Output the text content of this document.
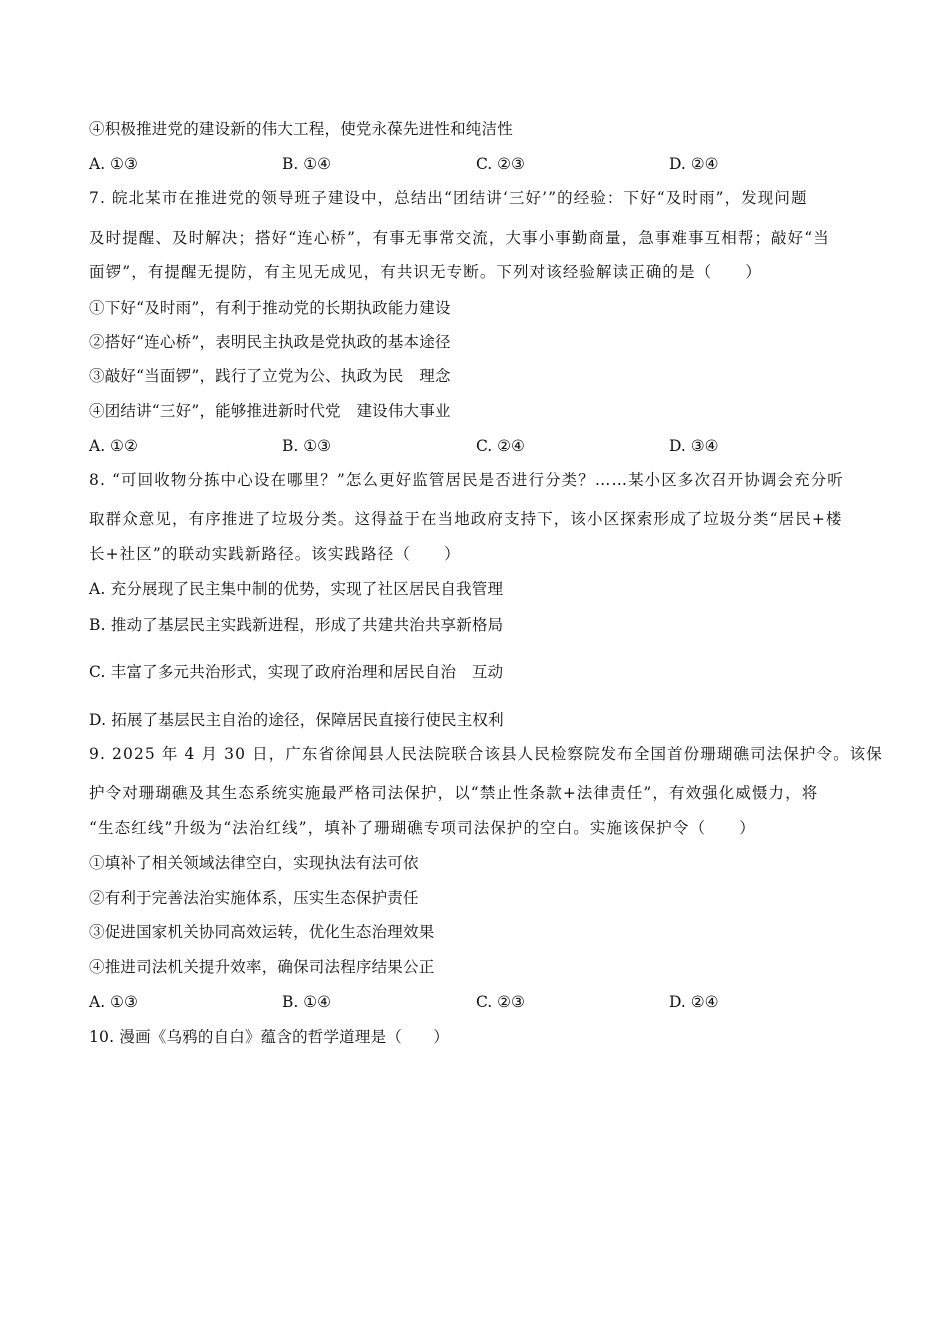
④积极推进党的建设新的伟大工程，使党永葆先进性和纯洁性
A. ①③	B. ①④	C. ②③	D. ②④
7. 皖北某市在推进党的领导班子建设中，总结出“团结讲‘三好’”的经验：下好“及时雨”，发现问题
及时提醒、及时解决；搭好“连心桥”，有事无事常交流，大事小事勤商量，急事难事互相帮；敲好“当
面锣”，有提醒无提防，有主见无成见，有共识无专断。下列对该经验解读正确的是（　　）
①下好“及时雨”，有利于推动党的长期执政能力建设
②搭好“连心桥”，表明民主执政是党执政的基本途径
③敲好“当面锣”，践行了立党为公、执政为民　理念
④团结讲“三好”，能够推进新时代党　建设伟大事业
A. ①②	B. ①③	C. ②④	D. ③④
8. “可回收物分拣中心设在哪里？”怎么更好监管居民是否进行分类？……某小区多次召开协调会充分听
取群众意见，有序推进了垃圾分类。这得益于在当地政府支持下，该小区探索形成了垃圾分类“居民+楼
长+社区”的联动实践新路径。该实践路径（　　）
A. 充分展现了民主集中制的优势，实现了社区居民自我管理
B. 推动了基层民主实践新进程，形成了共建共治共享新格局
C. 丰富了多元共治形式，实现了政府治理和居民自治　互动
D. 拓展了基层民主自治的途径，保障居民直接行使民主权利
9. 2025 年 4 月 30 日，广东省徐闻县人民法院联合该县人民检察院发布全国首份珊瑚礁司法保护令。该保
护令对珊瑚礁及其生态系统实施最严格司法保护，以“禁止性条款+法律责任”，有效强化威慑力，将
“生态红线”升级为“法治红线”，填补了珊瑚礁专项司法保护的空白。实施该保护令（　　）
①填补了相关领域法律空白，实现执法有法可依
②有利于完善法治实施体系，压实生态保护责任
③促进国家机关协同高效运转，优化生态治理效果
④推进司法机关提升效率，确保司法程序结果公正
A. ①③	B. ①④	C. ②③	D. ②④
10. 漫画《乌鸦的自白》蕴含的哲学道理是（　　）
